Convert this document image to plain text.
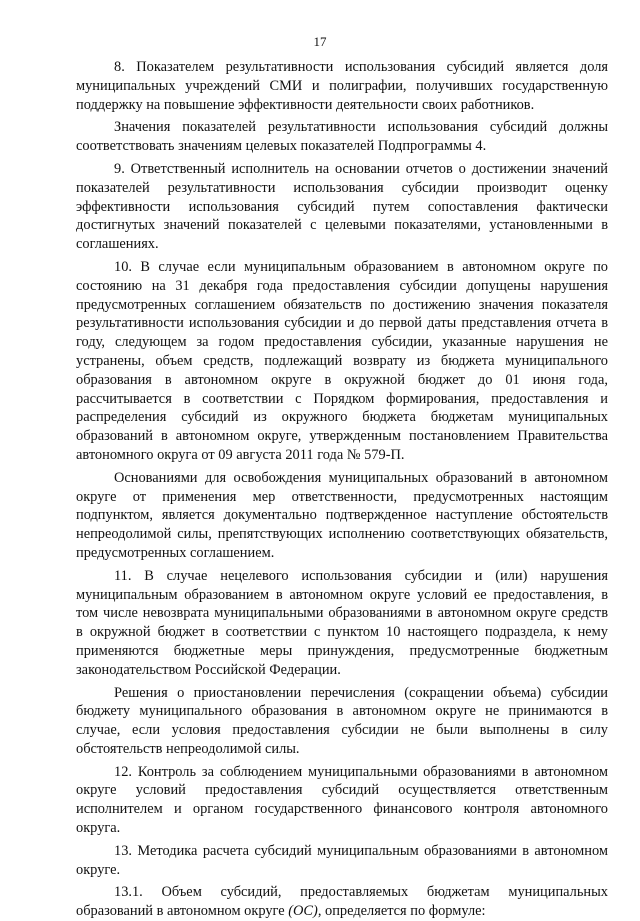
17

8. Показателем результативности использования субсидий является доля муниципальных учреждений СМИ и полиграфии, получивших государственную поддержку на повышение эффективности деятельности своих работников.

Значения показателей результативности использования субсидий должны соответствовать значениям целевых показателей Подпрограммы 4.

9. Ответственный исполнитель на основании отчетов о достижении значений показателей результативности использования субсидии производит оценку эффективности использования субсидий путем сопоставления фактически достигнутых значений показателей с целевыми показателями, установленными в соглашениях.

10. В случае если муниципальным образованием в автономном округе по состоянию на 31 декабря года предоставления субсидии допущены нарушения предусмотренных соглашением обязательств по достижению значения показателя результативности использования субсидии и до первой даты представления отчета в году, следующем за годом предоставления субсидии, указанные нарушения не устранены, объем средств, подлежащий возврату из бюджета муниципального образования в автономном округе в окружной бюджет до 01 июня года, рассчитывается в соответствии с Порядком формирования, предоставления и распределения субсидий из окружного бюджета бюджетам муниципальных образований в автономном округе, утвержденным постановлением Правительства автономного округа от 09 августа 2011 года № 579-П.

Основаниями для освобождения муниципальных образований в автономном округе от применения мер ответственности, предусмотренных настоящим подпунктом, является документально подтвержденное наступление обстоятельств непреодолимой силы, препятствующих исполнению соответствующих обязательств, предусмотренных соглашением.

11. В случае нецелевого использования субсидии и (или) нарушения муниципальным образованием в автономном округе условий ее предоставления, в том числе невозврата муниципальными образованиями в автономном округе средств в окружной бюджет в соответствии с пунктом 10 настоящего подраздела, к нему применяются бюджетные меры принуждения, предусмотренные бюджетным законодательством Российской Федерации.

Решения о приостановлении перечисления (сокращении объема) субсидии бюджету муниципального образования в автономном округе не принимаются в случае, если условия предоставления субсидии не были выполнены в силу обстоятельств непреодолимой силы.

12. Контроль за соблюдением муниципальными образованиями в автономном округе условий предоставления субсидий осуществляется ответственным исполнителем и органом государственного финансового контроля автономного округа.

13. Методика расчета субсидий муниципальным образованиями в автономном округе.

13.1. Объем субсидий, предоставляемых бюджетам муниципальных образований в автономном округе (ОС), определяется по формуле:
